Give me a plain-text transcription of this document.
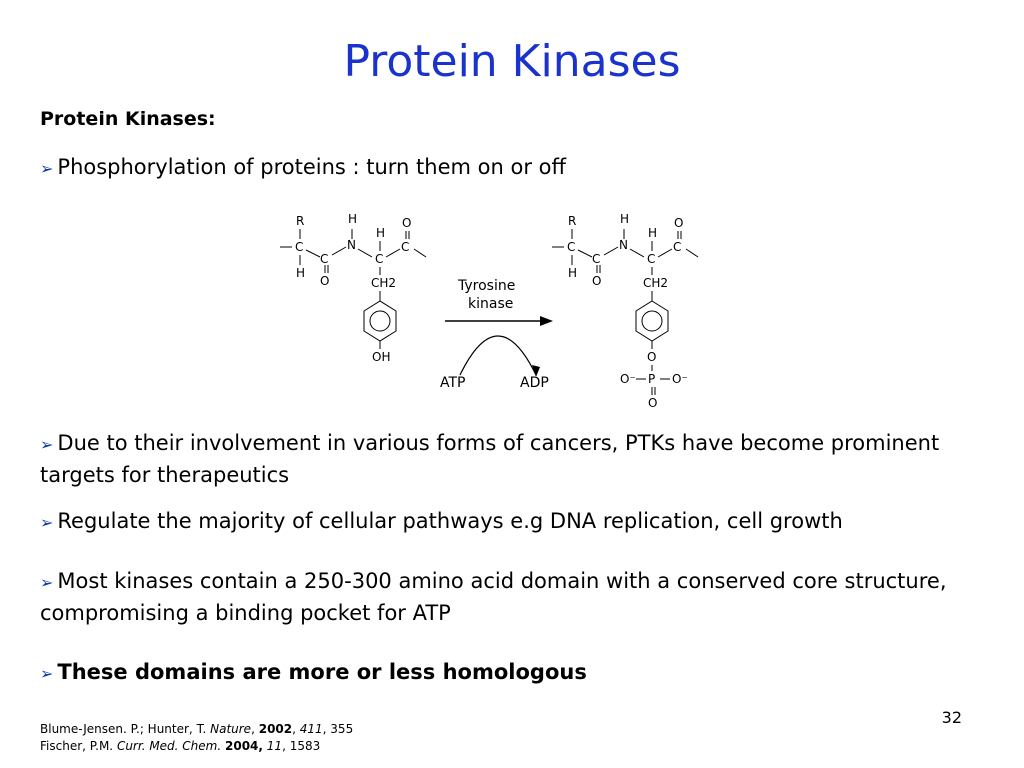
Protein Kinases
Protein Kinases:
➢ Phosphorylation of proteins : turn them on or off
R
C
H
C
O
N
H
H
C
C
O
CH2
OH
Tyrosine
kinase
ATP	ADP
R
C
H
C
O
N
H
H
C
C
O
CH2
O
O⁻ P O⁻
O
➢ Due to their involvement in various forms of cancers, PTKs have become prominent targets for therapeutics
➢ Regulate the majority of cellular pathways e.g DNA replication, cell growth
➢ Most kinases contain a 250-300 amino acid domain with a conserved core structure, compromising a binding pocket for ATP
➢ These domains are more or less homologous
Blume-Jensen. P.; Hunter, T. Nature, 2002, 411, 355
Fischer, P.M. Curr. Med. Chem. 2004, 11, 1583
32
